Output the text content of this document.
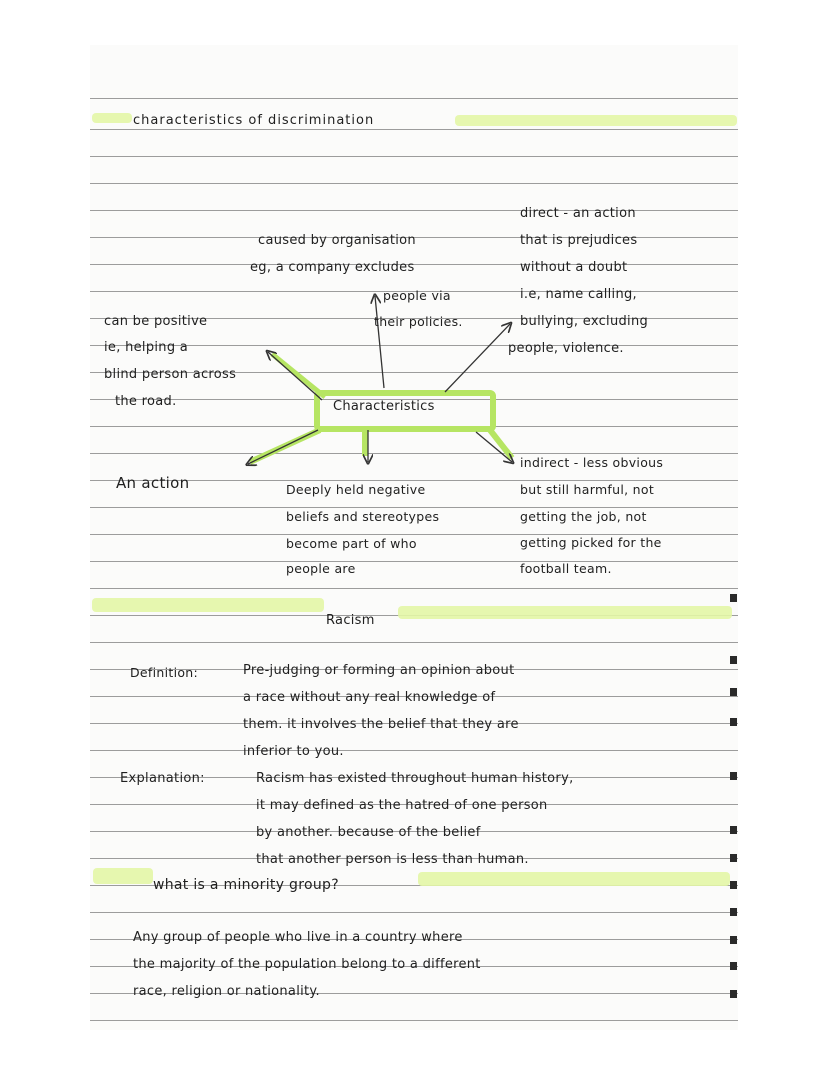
characteristics of discrimination
direct - an action
that is prejudices
without a doubt
i.e, name calling,
bullying, excluding
people, violence.
caused by organisation
eg, a company excludes
people via
their policies.
can be positive
ie, helping a
blind person across
the road.	Characteristics
An action	Deeply held negative
beliefs and stereotypes
become part of who
people are
indirect - less obvious
but still harmful, not
getting the job, not
getting picked for the
football team.
Racism
Definition:	Pre-judging or forming an opinion about
a race without any real knowledge of
them. it involves the belief that they are
inferior to you.
Explanation:	Racism has existed throughout human history,
it may defined as the hatred of one person
by another. because of the belief
that another person is less than human.
what is a minority group?
Any group of people who live in a country where
the majority of the population belong to a different
race, religion or nationality.
